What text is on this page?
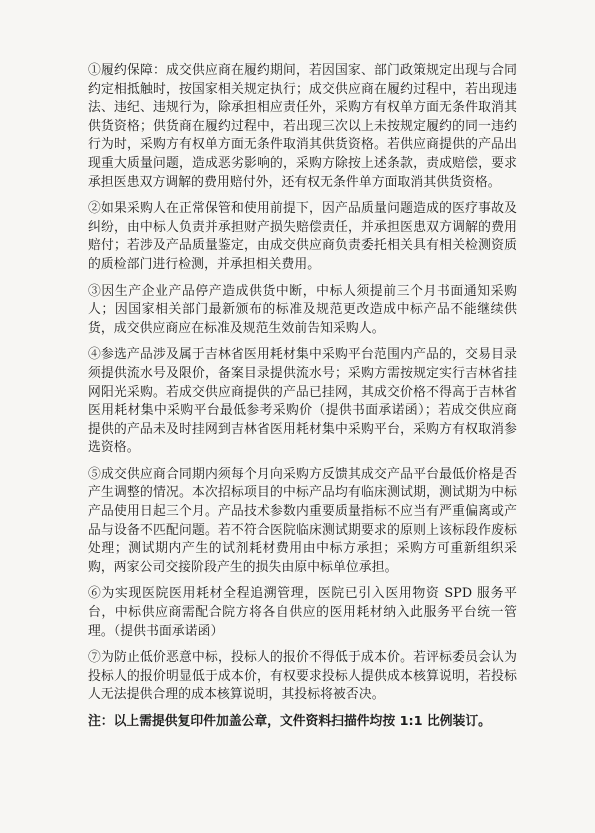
①履约保障：成交供应商在履约期间，若因国家、部门政策规定出现与合同约定相抵触时，按国家相关规定执行；成交供应商在履约过程中，若出现违法、违纪、违规行为，除承担相应责任外，采购方有权单方面无条件取消其供货资格；供货商在履约过程中，若出现三次以上未按规定履约的同一违约行为时，采购方有权单方面无条件取消其供货资格。若供应商提供的产品出现重大质量问题，造成恶劣影响的，采购方除按上述条款，责成赔偿，要求承担医患双方调解的费用赔付外，还有权无条件单方面取消其供货资格。

②如果采购人在正常保管和使用前提下，因产品质量问题造成的医疗事故及纠纷，由中标人负责并承担财产损失赔偿责任，并承担医患双方调解的费用赔付；若涉及产品质量鉴定，由成交供应商负责委托相关具有相关检测资质的质检部门进行检测，并承担相关费用。

③因生产企业产品停产造成供货中断，中标人须提前三个月书面通知采购人；因国家相关部门最新颁布的标准及规范更改造成中标产品不能继续供货，成交供应商应在标准及规范生效前告知采购人。

④参选产品涉及属于吉林省医用耗材集中采购平台范围内产品的，交易目录须提供流水号及限价，备案目录提供流水号；采购方需按规定实行吉林省挂网阳光采购。若成交供应商提供的产品已挂网，其成交价格不得高于吉林省医用耗材集中采购平台最低参考采购价（提供书面承诺函）；若成交供应商提供的产品未及时挂网到吉林省医用耗材集中采购平台，采购方有权取消参选资格。

⑤成交供应商合同期内须每个月向采购方反馈其成交产品平台最低价格是否产生调整的情况。本次招标项目的中标产品均有临床测试期，测试期为中标产品使用日起三个月。产品技术参数内重要质量指标不应当有严重偏离或产品与设备不匹配问题。若不符合医院临床测试期要求的原则上该标段作废标处理；测试期内产生的试剂耗材费用由中标方承担；采购方可重新组织采购，两家公司交接阶段产生的损失由原中标单位承担。

⑥为实现医院医用耗材全程追溯管理，医院已引入医用物资 SPD 服务平台，中标供应商需配合院方将各自供应的医用耗材纳入此服务平台统一管理。（提供书面承诺函）

⑦为防止低价恶意中标，投标人的报价不得低于成本价。若评标委员会认为投标人的报价明显低于成本价，有权要求投标人提供成本核算说明，若投标人无法提供合理的成本核算说明，其投标将被否决。

注：以上需提供复印件加盖公章，文件资料扫描件均按 1:1 比例装订。
